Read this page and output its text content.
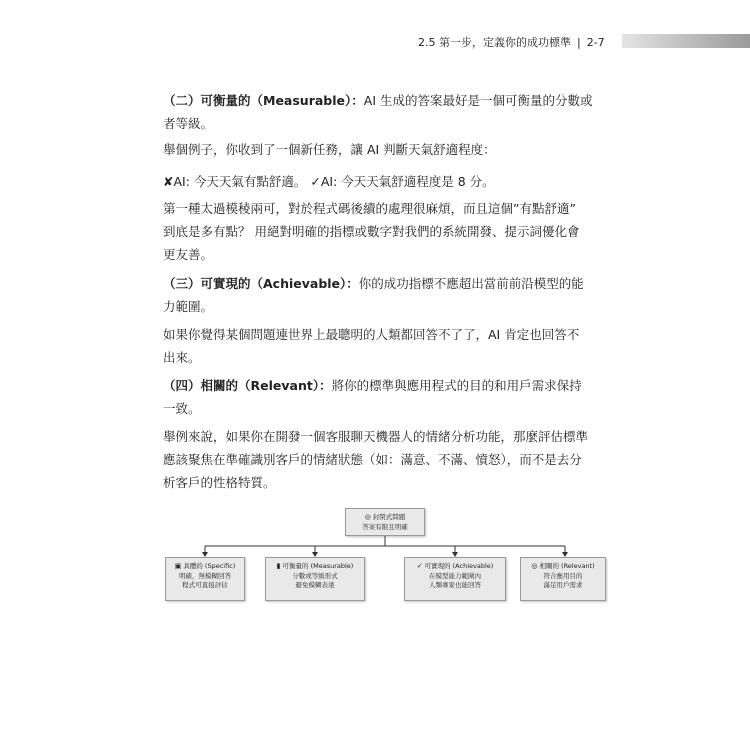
2.5 第一步，定義你的成功標準 | 2-7
（二）可衡量的（Measurable）：AI 生成的答案最好是一個可衡量的分數或
者等級。
舉個例子，你收到了一個新任務，讓 AI 判斷天氣舒適程度：
✘AI: 今天天氣有點舒適。 ✓AI: 今天天氣舒適程度是 8 分。
第一種太過模稜兩可，對於程式碼後續的處理很麻煩，而且這個”有點舒適”
到底是多有點？ 用絕對明確的指標或數字對我們的系統開發、提示詞優化會
更友善。
（三）可實現的（Achievable）：你的成功指標不應超出當前前沿模型的能
力範圍。
如果你覺得某個問題連世界上最聰明的人類都回答不了了，AI 肯定也回答不
出來。
（四）相關的（Relevant）：將你的標準與應用程式的目的和用戶需求保持
一致。
舉例來說，如果你在開發一個客服聊天機器人的情緒分析功能，那麼評估標準
應該聚焦在準確識別客戶的情緒狀態（如：滿意、不滿、憤怒），而不是去分
析客戶的性格特質。
◎ 封閉式問題
答案有限且明確
▣ 具體的 (Specific)
明確，無模糊回答
程式可直接評估
▮ 可衡量的 (Measurable)
分數或等級形式
避免模糊表達
✓ 可實現的 (Achievable)
在模型能力範圍內
人類專家也能回答
◎ 相關的 (Relevant)
符合應用目的
滿足用戶需求
